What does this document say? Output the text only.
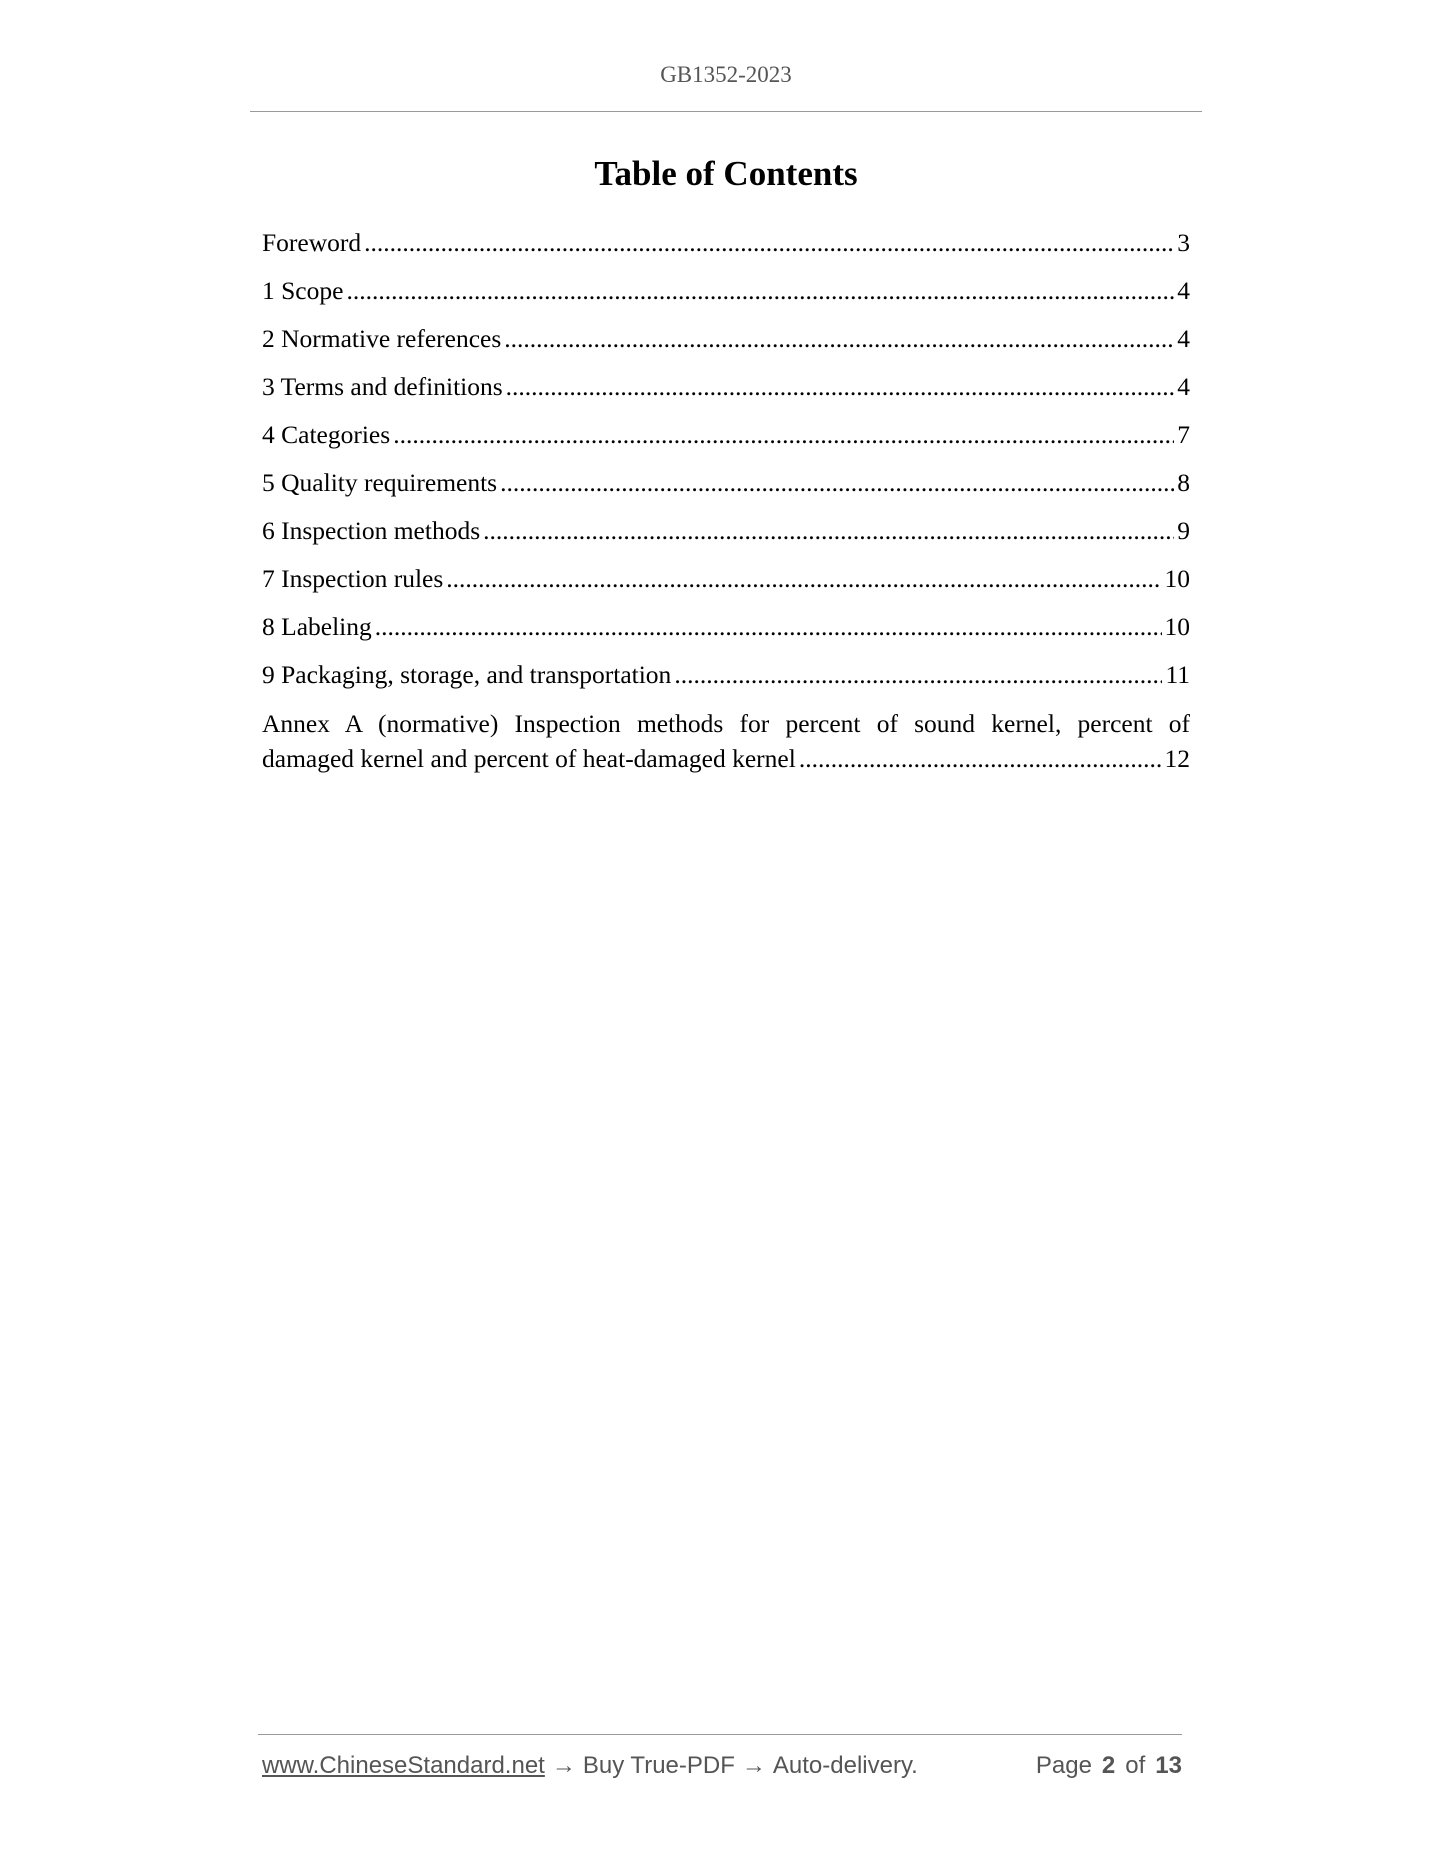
GB1352-2023
Table of Contents
Foreword .....	3
1 Scope .....	4
2 Normative references .....	4
3 Terms and definitions .....	4
4 Categories .....	7
5 Quality requirements .....	8
6 Inspection methods .....	9
7 Inspection rules .....	10
8 Labeling .....	10
9 Packaging, storage, and transportation .....	11
Annex A (normative) Inspection methods for percent of sound kernel, percent of
damaged kernel and percent of heat-damaged kernel .....	12
www.ChineseStandard.net → Buy True-PDF → Auto-delivery.	Page 2 of 13
